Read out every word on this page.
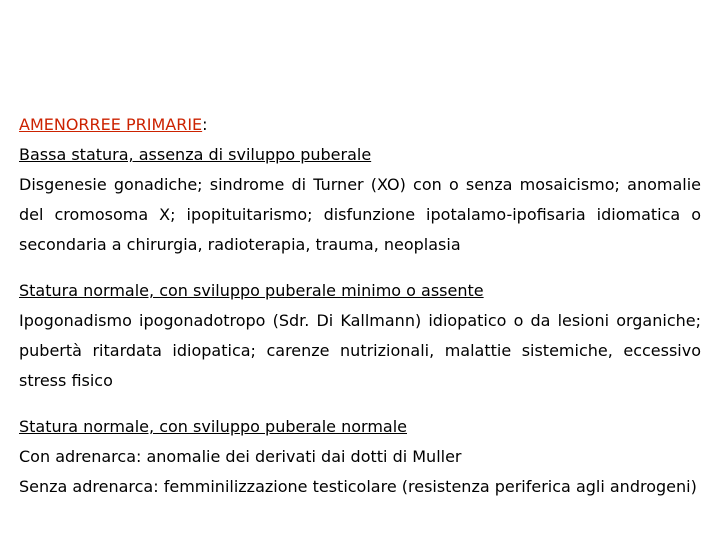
AMENORREE PRIMARIE:
Bassa statura, assenza di sviluppo puberale
Disgenesie gonadiche; sindrome di Turner (XO) con o senza mosaicismo; anomalie del cromosoma X; ipopituitarismo; disfunzione ipotalamo-ipofisaria idiomatica o secondaria a chirurgia, radioterapia, trauma, neoplasia
Statura normale, con sviluppo puberale minimo o assente
Ipogonadismo ipogonadotropo (Sdr. Di Kallmann) idiopatico o da lesioni organiche; pubertà ritardata idiopatica; carenze nutrizionali, malattie sistemiche, eccessivo stress fisico
Statura normale, con sviluppo puberale normale
Con adrenarca: anomalie dei derivati dai dotti di Muller
Senza adrenarca: femminilizzazione testicolare (resistenza periferica agli androgeni)
